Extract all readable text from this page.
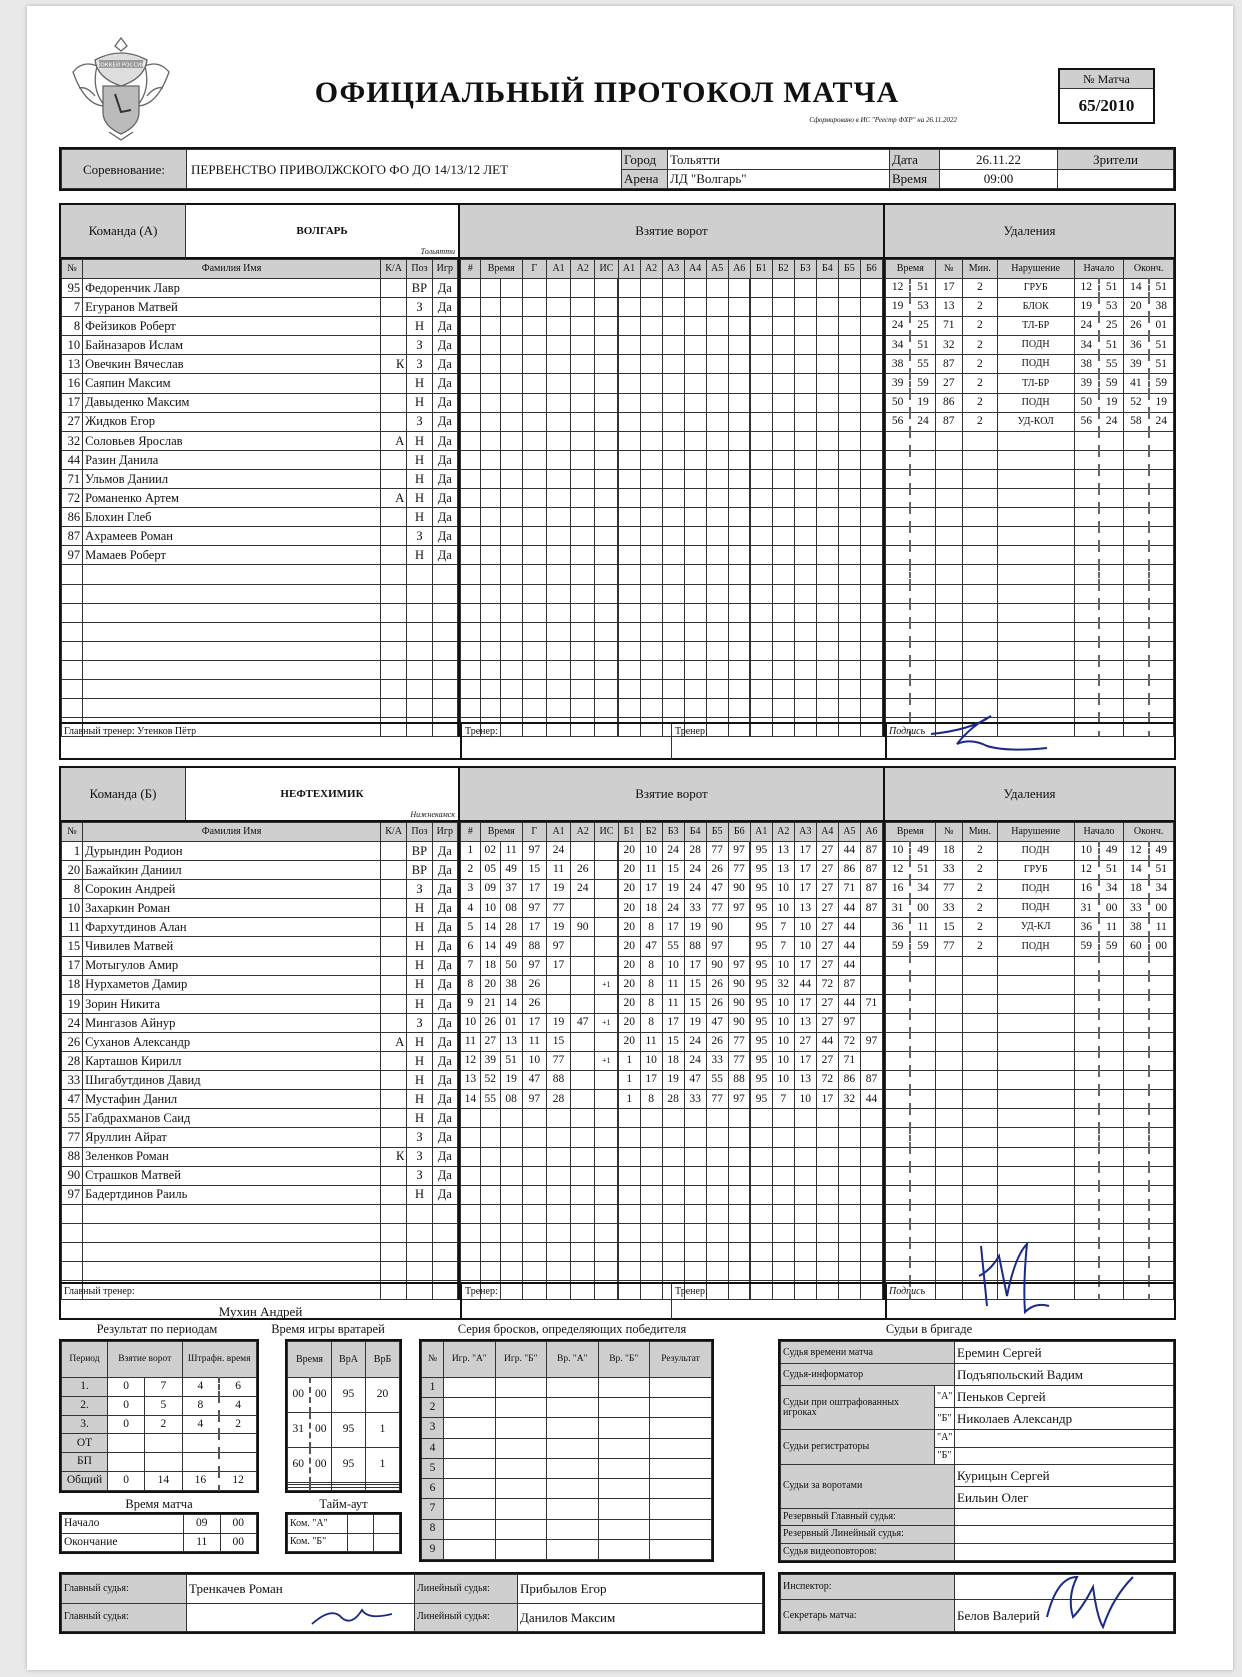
ХОККЕЙ РОССИИ
ОФИЦИАЛЬНЫЙ ПРОТОКОЛ МАТЧА
Сформировано в ИС "Реестр ФХР" на 26.11.2022
№ Матча
65/2010
Соревнование:	ПЕРВЕНСТВО ПРИВОЛЖСКОГО ФО ДО 14/13/12 ЛЕТ	Город	Тольятти	Дата	26.11.22	Зрители
		Арена	ЛД "Волгарь"	Время	09:00	
Команда (А)	ВОЛГАРЬ
Тольятти
Взятие ворот	Удаления
№	Фамилия Имя	К/А	Поз	Игр
95	Федоренчик Лавр		ВР	Да
7	Егуранов Матвей		З	Да
8	Фейзиков Роберт		Н	Да
10	Байназаров Ислам		З	Да
13	Овечкин Вячеслав	К	З	Да
16	Саяпин Максим		Н	Да
17	Давыденко Максим		Н	Да
27	Жидков Егор		З	Да
32	Соловьев Ярослав	А	Н	Да
44	Разин Данила		Н	Да
71	Ульмов Даниил		Н	Да
72	Романенко Артем	А	Н	Да
86	Блохин Глеб		Н	Да
87	Ахрамеев Роман		З	Да
97	Мамаев Роберт		Н	Да

#	Время		Г	А1	А2	ИС	А1	А2	А3	А4	А5	А6	Б1	Б2	Б3	Б4	Б5	Б6

																		Время		№	Мин.	Нарушение	Начало		Оконч.	
12	51	17	2	ГРУБ	12	51	14	51
19	53	13	2	БЛОК	19	53	20	38
24	25	71	2	ТЛ-БР	24	25	26	01
34	51	32	2	ПОДН	34	51	36	51
38	55	87	2	ПОДН	38	55	39	51
39	59	27	2	ТЛ-БР	39	59	41	59
50	19	86	2	ПОДН	50	19	52	19
56	24	87	2	УД-КОЛ	56	24	58	24

Главный тренер: Утенков Пётр	Тренер:	Тренер:	Подпись
Команда (Б)	НЕФТЕХИМИК
Нижнекамск
Взятие ворот	Удаления
№	Фамилия Имя	К/А	Поз	Игр
1	Дурындин Родион		ВР	Да
20	Бажайкин Даниил		ВР	Да
8	Сорокин Андрей		З	Да
10	Захаркин Роман		Н	Да
11	Фархутдинов Алан		Н	Да
15	Чивилев Матвей		Н	Да
17	Мотыгулов Амир		Н	Да
18	Нурхаметов Дамир		Н	Да
19	Зорин Никита		Н	Да
24	Мингазов Айнур		З	Да
26	Суханов Александр	А	Н	Да
28	Карташов Кирилл		Н	Да
33	Шигабутдинов Давид		Н	Да
47	Мустафин Данил		Н	Да
55	Габдрахманов Саид		Н	Да
77	Яруллин Айрат		З	Да
88	Зеленков Роман	К	З	Да
90	Страшков Матвей		З	Да
97	Бадертдинов Раиль		Н	Да

#	Время		Г	А1	А2	ИС	Б1	Б2	Б3	Б4	Б5	Б6	А1	А2	А3	А4	А5	А6
1	02	11	97	24			20	10	24	28	77	97	95	13	17	27	44	87
2	05	49	15	11	26		20	11	15	24	26	77	95	13	17	27	86	87
3	09	37	17	19	24		20	17	19	24	47	90	95	10	17	27	71	87
4	10	08	97	77			20	18	24	33	77	97	95	10	13	27	44	87
5	14	28	17	19	90		20	8	17	19	90		95	7	10	27	44	
6	14	49	88	97			20	47	55	88	97		95	7	10	27	44	
7	18	50	97	17			20	8	10	17	90	97	95	10	17	27	44	
8	20	38	26			+1	20	8	11	15	26	90	95	32	44	72	87	
9	21	14	26				20	8	11	15	26	90	95	10	17	27	44	71
10	26	01	17	19	47	+1	20	8	17	19	47	90	95	10	13	27	97	
11	27	13	11	15			20	11	15	24	26	77	95	10	27	44	72	97
12	39	51	10	77		+1	1	10	18	24	33	77	95	10	17	27	71	
13	52	19	47	88			1	17	19	47	55	88	95	10	13	72	86	87
14	55	08	97	28			1	8	28	33	77	97	95	7	10	17	32	44

Время		№	Мин.	Нарушение	Начало		Оконч.	
10	49	18	2	ПОДН	10	49	12	49
12	51	33	2	ГРУБ	12	51	14	51
16	34	77	2	ПОДН	16	34	18	34
31	00	33	2	ПОДН	31	00	33	00
36	11	15	2	УД-КЛ	36	11	38	11
59	59	77	2	ПОДН	59	59	60	00

Главный тренер:
Мухин Андрей
Тренер:	Тренер:	Подпись
Результат по периодам
Период	Взятие ворот		Штрафн. время	
1.	0	7	4	6
2.	0	5	8	4
3.	0	2	4	2
ОТ				
БП				
Общий	0	14	16	12
Время игры вратарей
Время		ВрА	ВрБ
00	00	95	20
31	00	95	1
60	00	95	1

Серия бросков, определяющих победителя
№	Игр. "А"	Игр. "Б"	Вр. "А"	Вр. "Б"	Результат
1					
2					
3					
4					
5					
6					
7					
8					
9					
Время матча
Начало	09	00
Окончание	11	00
Тайм-аут
Ком. "А"		
Ком. "Б"		
Судьи в бригаде
Судья времени матча		Еремин Сергей
Судья-информатор		Подъяпольский Вадим
Судьи при оштрафованных игроках	"А"	Пеньков Сергей
	"Б"	Николаев Александр
Судьи регистраторы	"А"	
	"Б"	
Судьи за воротами		Курицын Сергей
		Еильин Олег
Резервный Главный судья:		
Резервный Линейный судья:		
Судья видеоповторов:		
Главный судья:	Тренкачев Роман	Линейный судья:	Прибылов Егор
Главный судья:		Линейный судья:	Данилов Максим
Инспектор:	
Секретарь матча:	Белов Валерий
